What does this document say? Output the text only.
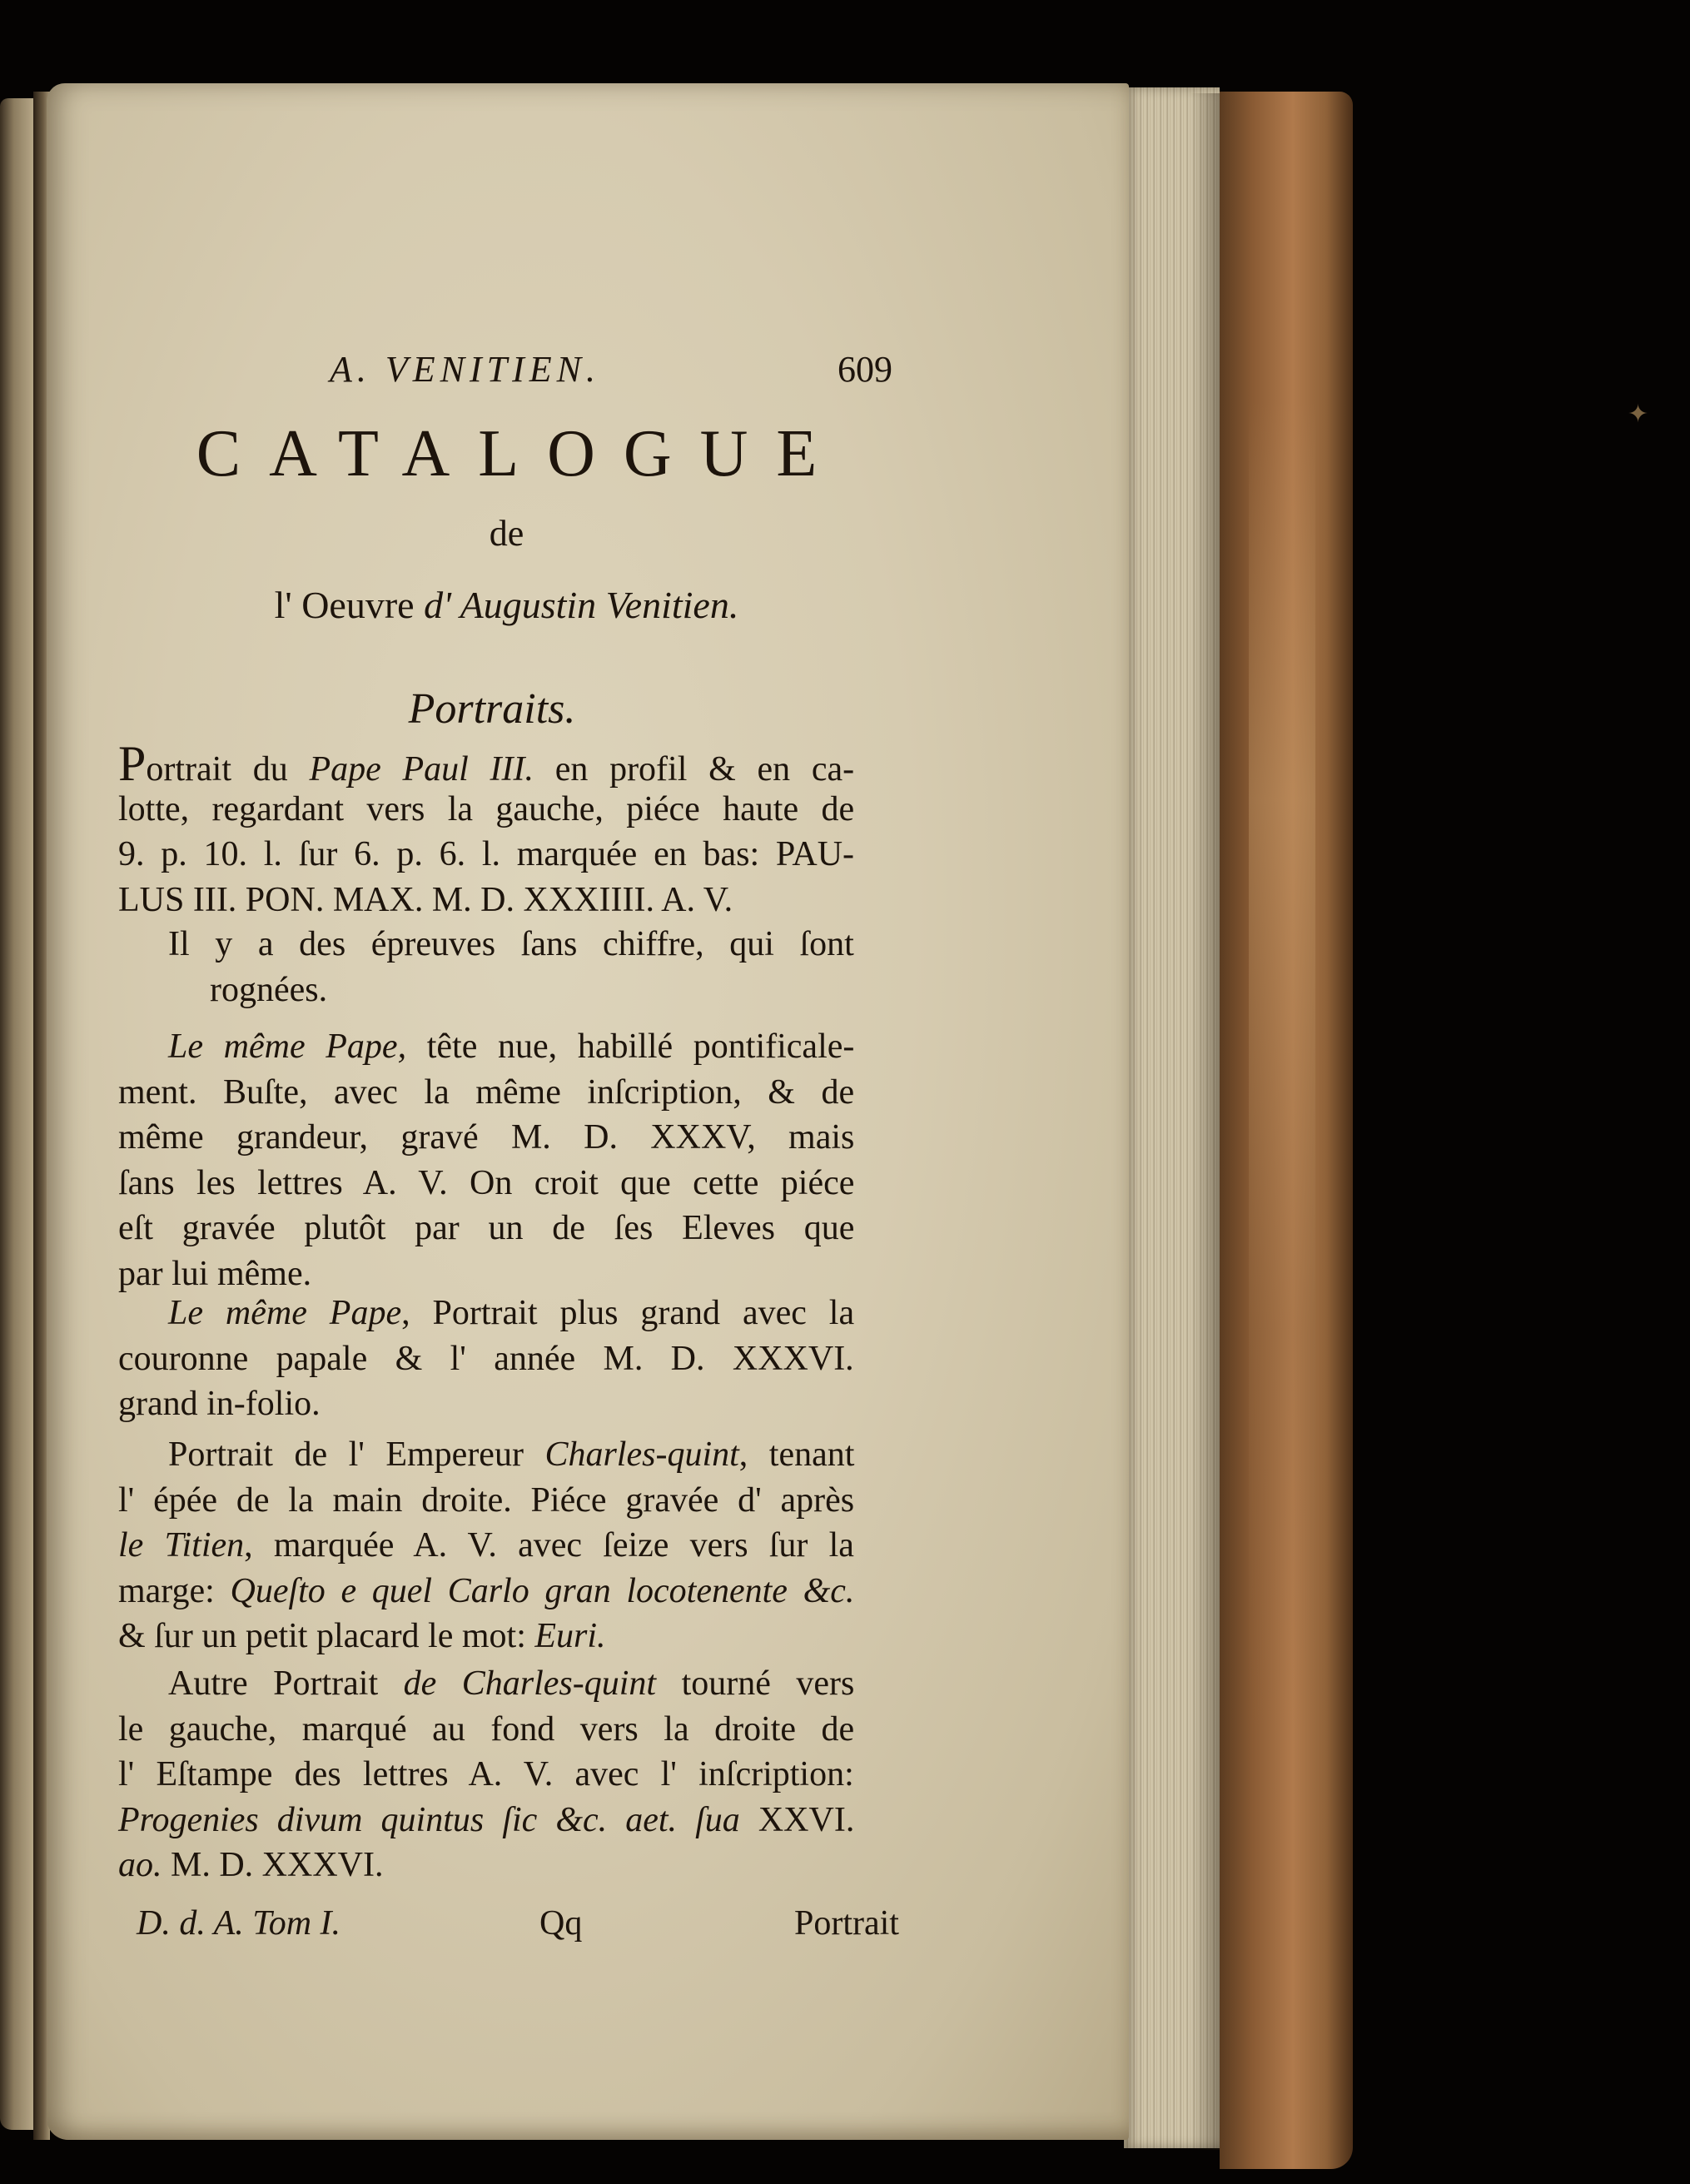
✦
A. VENITIEN.	609
CATALOGUE
de
l' Oeuvre d' Augustin Venitien.
Portraits.
Portrait du Pape Paul III. en profil & en ca-
lotte, regardant vers la gauche, piéce haute de
9. p. 10. l. ſur 6. p. 6. l. marquée en bas: PAU-
LUS III. PON. MAX. M. D. XXXIIII. A. V.
Il y a des épreuves ſans chiffre, qui ſont
rognées.
Le même Pape, tête nue, habillé pontificale-
ment. Buſte, avec la même inſcription, & de
même grandeur, gravé M. D. XXXV, mais
ſans les lettres A. V. On croit que cette piéce
eſt gravée plutôt par un de ſes Eleves que
par lui même.
Le même Pape, Portrait plus grand avec la
couronne papale & l' année M. D. XXXVI.
grand in-folio.
Portrait de l' Empereur Charles-quint, tenant
l' épée de la main droite. Piéce gravée d' après
le Titien, marquée A. V. avec ſeize vers ſur la
marge: Queſto e quel Carlo gran locotenente &c.
& ſur un petit placard le mot: Euri.
Autre Portrait de Charles-quint tourné vers
le gauche, marqué au fond vers la droite de
l' Eſtampe des lettres A. V. avec l' inſcription:
Progenies divum quintus ſic &c. aet. ſua XXVI.
ao. M. D. XXXVI.
D. d. A. Tom I.	Qq	Portrait
